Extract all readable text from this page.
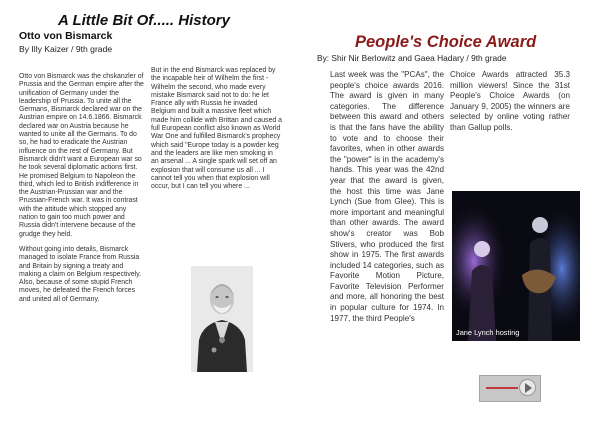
A Little Bit Of..... History
Otto von Bismarck
By Illy Kaizer / 9th grade

Otto von Bismarck was the chskanzler of Prussia and the German empire after the unification of Germany under the leadership of Prussia. To unite all the Germans, Bismarck declared war on the Austrian empire on 14.6.1866. Bismarck declared war on Austria because he wanted to unite all the Germans. To do so, he had to eradicate the Austrian influence on the rest of Germany. But Bismarck didn't want a European war so he took several diplomatic actions first. He promised Belgium to Napoleon the third, which led to British indifference in the Austrian-Prussian war and the Prussian-French war. It was in contrast with the attitude which stopped any nation to gain too much power and Russia didn't intervene because of the grudge they held.

Without going into details, Bismarck managed to isolate France from Russia and Britain by signing a treaty and making a claim on Belgium respectively. Also, because of some stupid French moves, he defeated the French forces and united all of Germany.

But in the end Bismarck was replaced by the incapable heir of Wilhelm the first - Wilhelm the second, who made every mistake Bismarck said not to do: he let France ally with Russia he invaded Belgium and built a massive fleet which made him collide with Brittan and caused a full European conflict also known as World War One and fulfilled Bismarck's prophecy which said "Europe today is a powder keg and the leaders are like men smoking in an arsenal ... A single spark will set off an explosion that will consume us all ... I cannot tell you when that explosion will occur, but I can tell you where ...

People's Choice Award
By: Shir Nir Berlowitz and Gaea Hadary / 9th grade
Last week was the "PCAs", the people's choice awards 2016. The award is given in many categories. The difference between this award and others is that the fans have the ability to vote and to choose their favorites, when in other awards the "power" is in the academy's hands. This year was the 42nd year that the award is given, the host this time was Jane Lynch (Sue from Glee). This is more important and meaningful than other awards. The award show's creator was Bob Stivers, who produced the first show in 1975. The first awards included 14 categories, such as Favorite Motion Picture, Favorite Television Performer and more, all honoring the best in popular culture for 1974. In 1977, the third People's
Choice Awards attracted 35.3 million viewers! Since the 31st People's Choice Awards (on January 9, 2005) the winners are selected by online voting rather than Gallup polls.
Jane Lynch hosting
